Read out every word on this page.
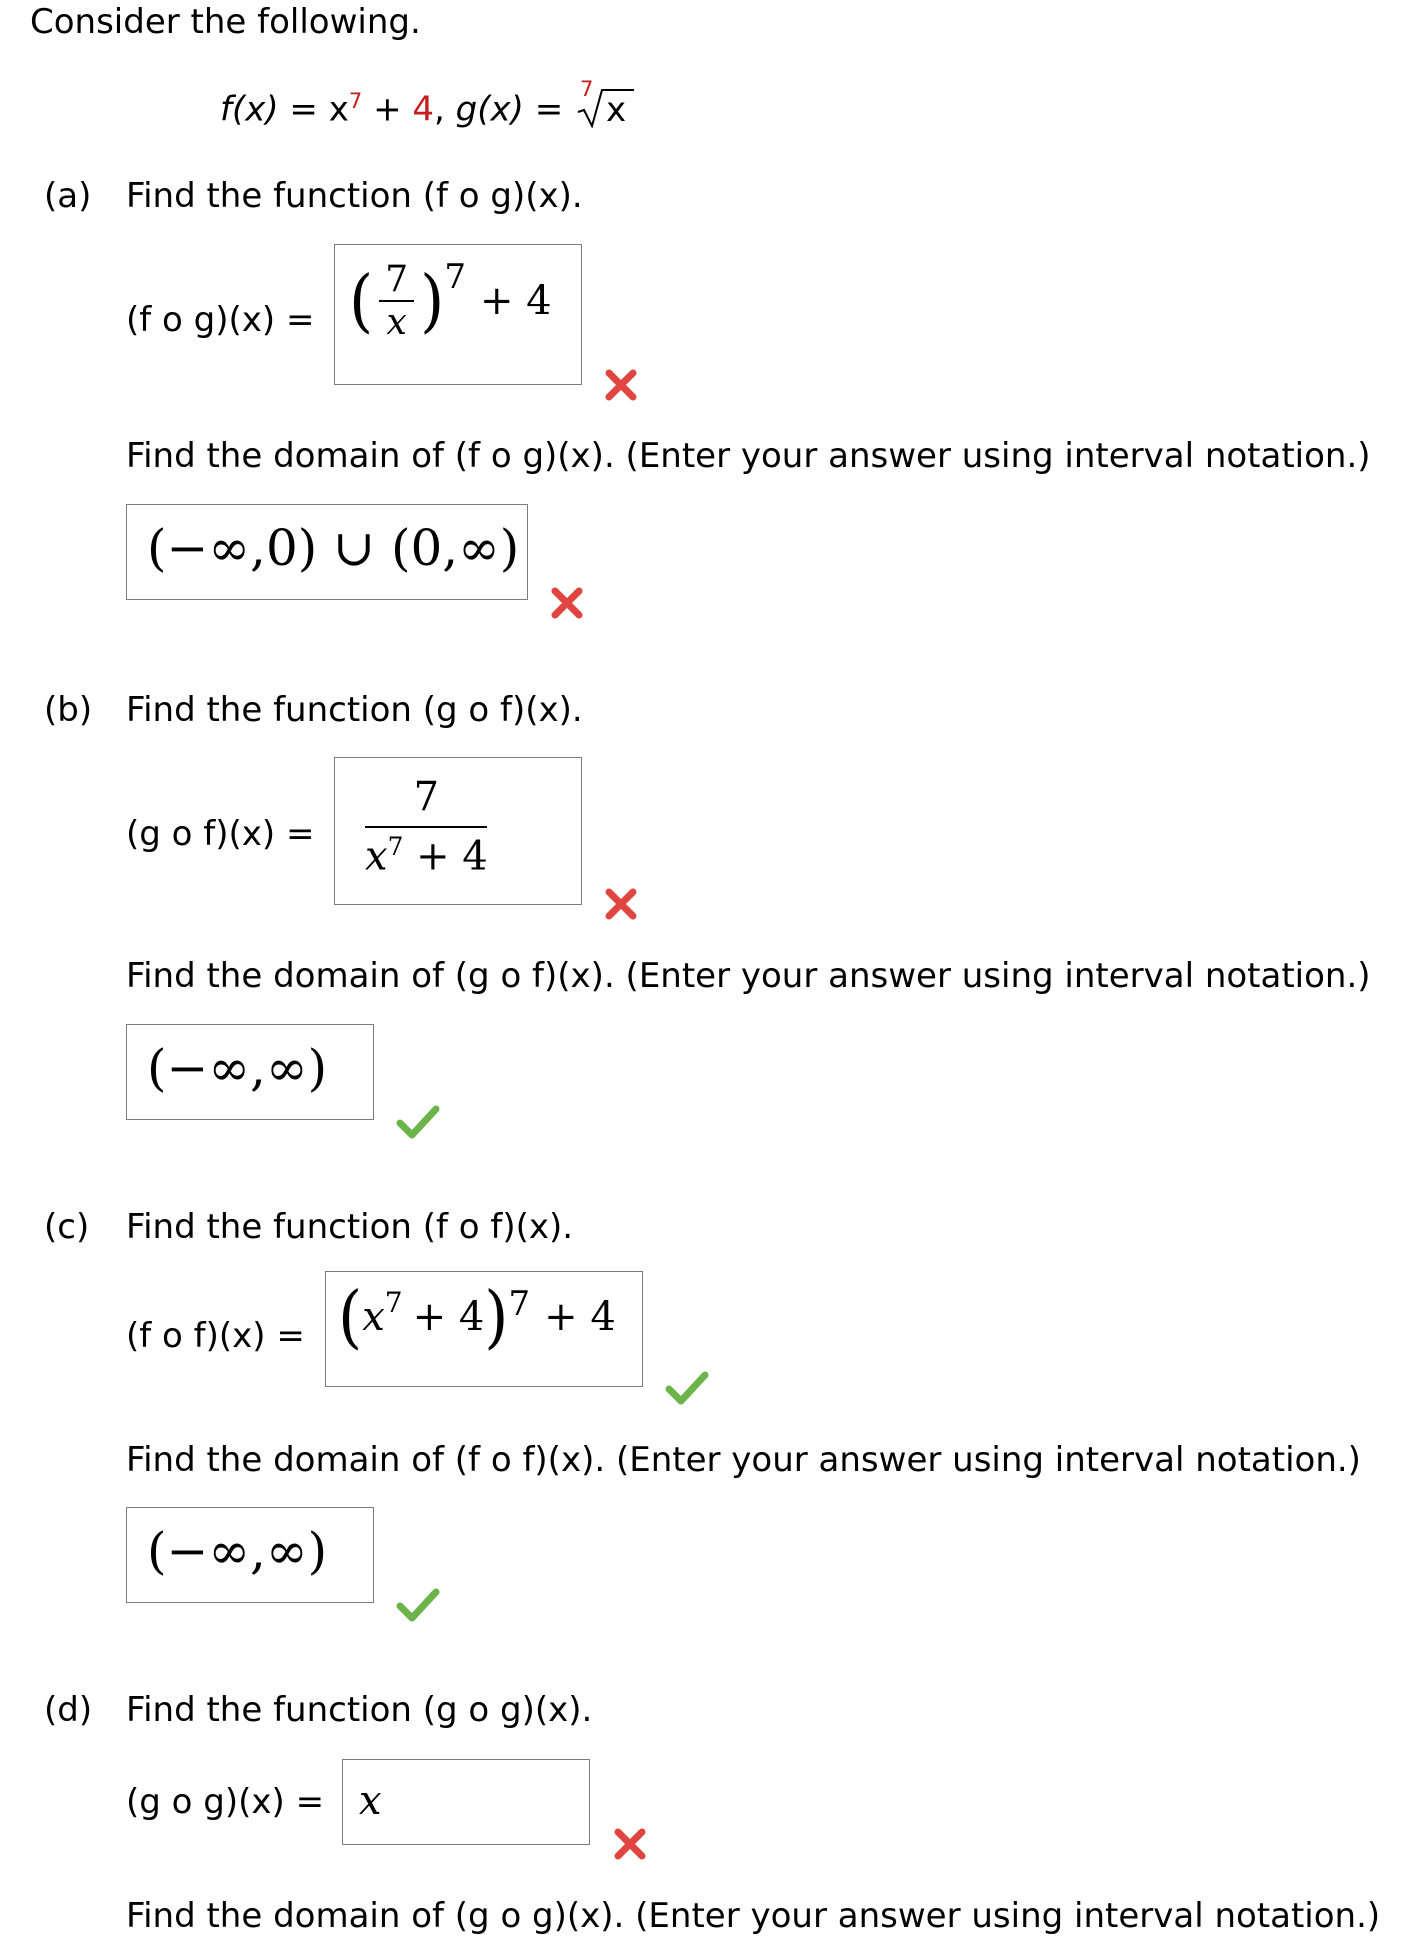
Consider the following.
$f(x) = x^7 + 4$, g(x) =
7
x
(a) Find the function (f o g)(x).
(f o g)(x) = ( $\frac{7}{x}$ ) 7
+ 4
Find the domain of (f o g)(x). (Enter your answer using interval notation.)
(−∞,0) ∪ (0,∞)
(b) Find the function (g o f)(x).
(g o $f)(x) = \frac{7}{x^7 + 4}$
Find the domain of (g o f)(x). (Enter your answer using interval notation.)
(−∞,∞)
(c) Find the function (f o f)(x).
(f o f)(x) = ( $x^7 + 4$ ) 7 + 4
Find the domain of (f o f)(x). (Enter your answer using interval notation.)
(−∞,∞)
(d) Find the function (g o g)(x).
(g o g)(x) = x
Find the domain of (g o g)(x). (Enter your answer using interval notation.)
